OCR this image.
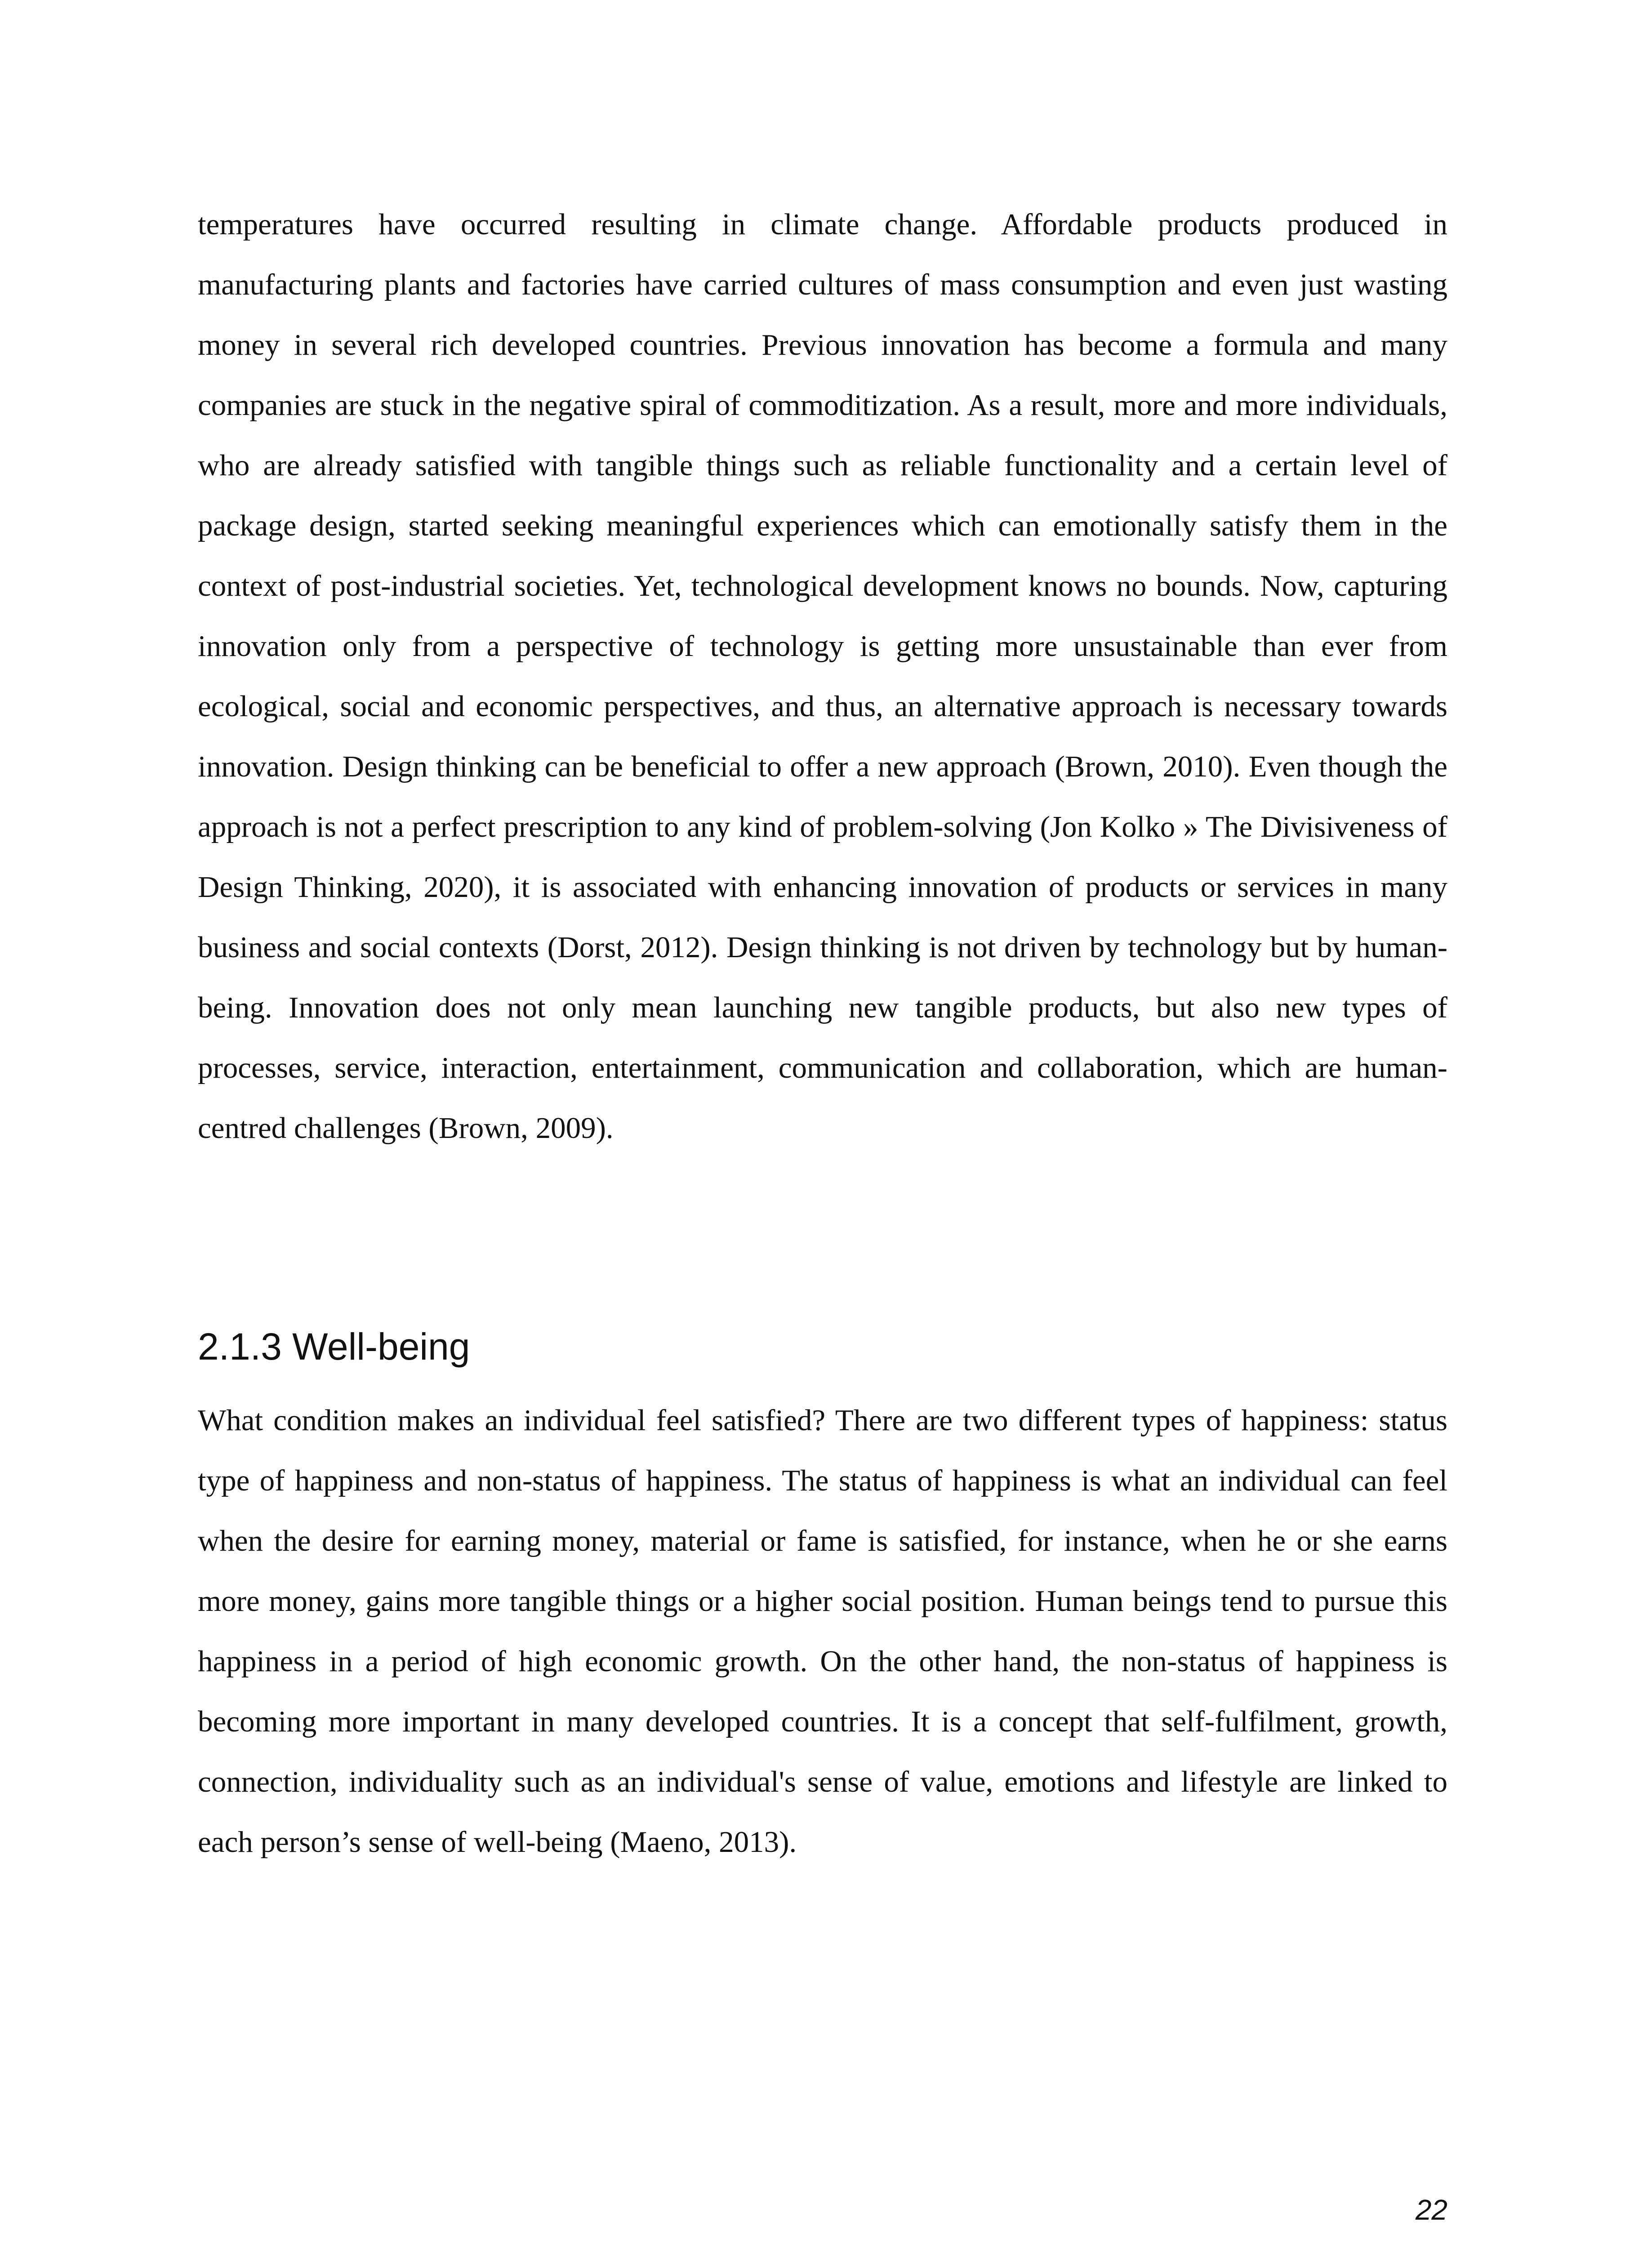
temperatures have occurred resulting in climate change. Affordable products produced in manufacturing plants and factories have carried cultures of mass consumption and even just wasting money in several rich developed countries. Previous innovation has become a formula and many companies are stuck in the negative spiral of commoditization. As a result, more and more individuals, who are already satisfied with tangible things such as reliable functionality and a certain level of package design, started seeking meaningful experiences which can emotionally satisfy them in the context of post-industrial societies. Yet, technological development knows no bounds. Now, capturing innovation only from a perspective of technology is getting more unsustainable than ever from ecological, social and economic perspectives, and thus, an alternative approach is necessary towards innovation. Design thinking can be beneficial to offer a new approach (Brown, 2010). Even though the approach is not a perfect prescription to any kind of problem-solving (Jon Kolko » The Divisiveness of Design Thinking, 2020), it is associated with enhancing innovation of products or services in many business and social contexts (Dorst, 2012). Design thinking is not driven by technology but by human-being. Innovation does not only mean launching new tangible products, but also new types of processes, service, interaction, entertainment, communication and collaboration, which are human-centred challenges (Brown, 2009).

2.1.3 Well-being

What condition makes an individual feel satisfied? There are two different types of happiness: status type of happiness and non-status of happiness. The status of happiness is what an individual can feel when the desire for earning money, material or fame is satisfied, for instance, when he or she earns more money, gains more tangible things or a higher social position. Human beings tend to pursue this happiness in a period of high economic growth. On the other hand, the non-status of happiness is becoming more important in many developed countries. It is a concept that self-fulfilment, growth, connection, individuality such as an individual's sense of value, emotions and lifestyle are linked to each person’s sense of well-being (Maeno, 2013).

22
